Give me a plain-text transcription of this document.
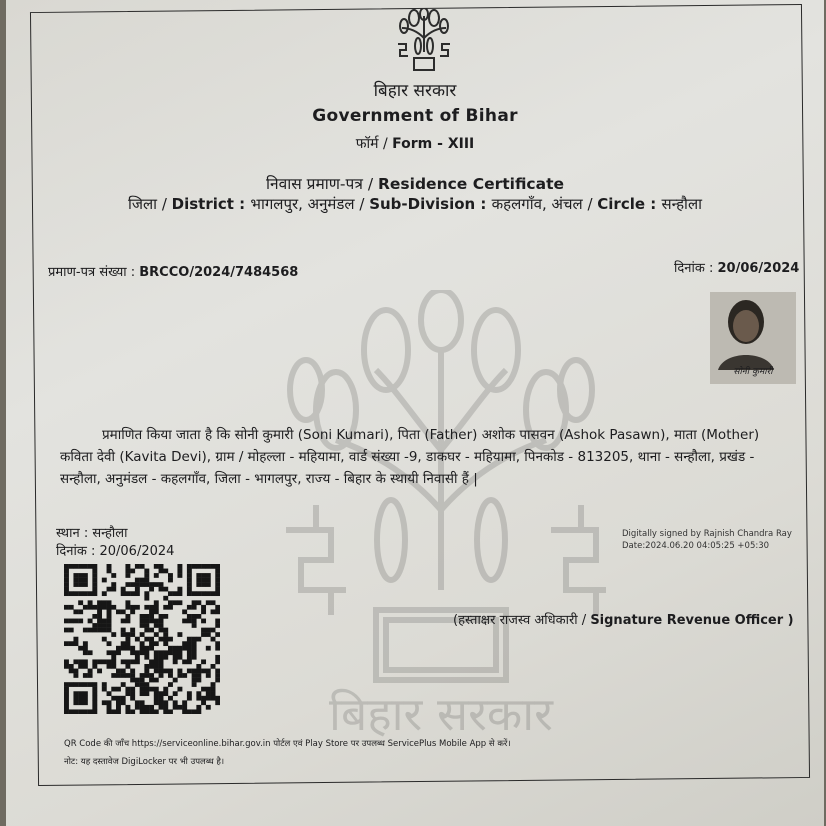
बिहार सरकार
बिहार सरकार
Government of Bihar
फॉर्म / Form - XIII
निवास प्रमाण-पत्र / Residence Certificate
जिला / District : भागलपुर, अनुमंडल / Sub-Division : कहलगाँव, अंचल / Circle : सन्हौला
प्रमाण-पत्र संख्या : BRCCO/2024/7484568	दिनांक : 20/06/2024
सोनी कुमारी
प्रमाणित किया जाता है कि सोनी कुमारी (Soni Kumari), पिता (Father) अशोक पासवन (Ashok Pasawn), माता (Mother)
कविता देवी (Kavita Devi), ग्राम / मोहल्ला - महियामा, वार्ड संख्या -9, डाकघर - महियामा, पिनकोड - 813205, थाना - सन्हौला, प्रखंड -
सन्हौला, अनुमंडल - कहलगाँव, जिला - भागलपुर, राज्य - बिहार के स्थायी निवासी हैं |
स्थान : सन्हौला
दिनांक : 20/06/2024
Digitally signed by Rajnish Chandra Ray
Date:2024.06.20 04:05:25 +05:30
(हस्ताक्षर राजस्व अधिकारी / Signature Revenue Officer )
QR Code की जाँच https://serviceonline.bihar.gov.in पोर्टल एवं Play Store पर उपलब्ध ServicePlus Mobile App से करें।
नोट: यह दस्तावेज DigiLocker पर भी उपलब्ध है।
